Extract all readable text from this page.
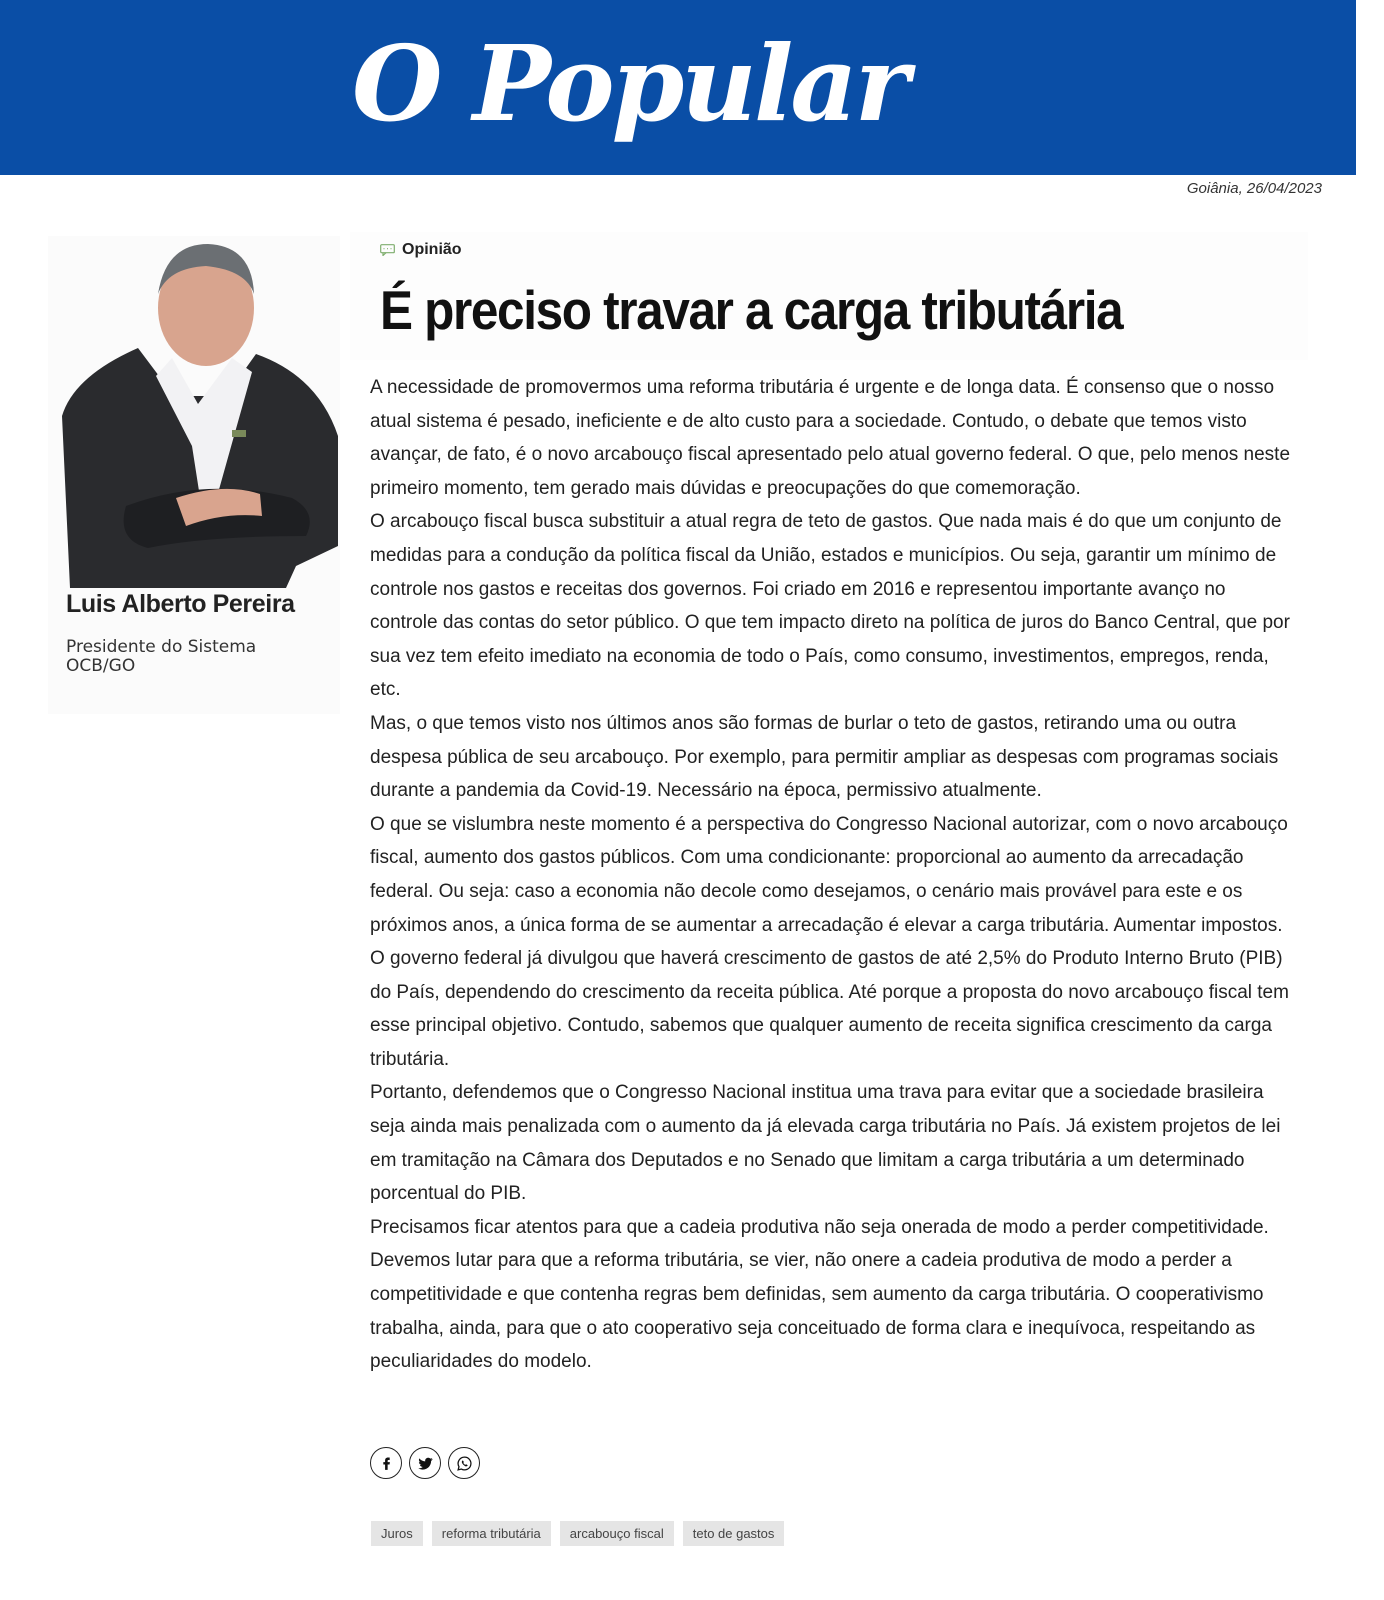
O Popular
Goiânia, 26/04/2023
Luis Alberto Pereira
Presidente do Sistema OCB/GO
Opinião
É preciso travar a carga tributária

A necessidade de promovermos uma reforma tributária é urgente e de longa data. É consenso que o nosso atual sistema é pesado, ineficiente e de alto custo para a sociedade. Contudo, o debate que temos visto avançar, de fato, é o novo arcabouço fiscal apresentado pelo atual governo federal. O que, pelo menos neste primeiro momento, tem gerado mais dúvidas e preocupações do que comemoração.

O arcabouço fiscal busca substituir a atual regra de teto de gastos. Que nada mais é do que um conjunto de medidas para a condução da política fiscal da União, estados e municípios. Ou seja, garantir um mínimo de controle nos gastos e receitas dos governos. Foi criado em 2016 e representou importante avanço no controle das contas do setor público. O que tem impacto direto na política de juros do Banco Central, que por sua vez tem efeito imediato na economia de todo o País, como consumo, investimentos, empregos, renda, etc.

Mas, o que temos visto nos últimos anos são formas de burlar o teto de gastos, retirando uma ou outra despesa pública de seu arcabouço. Por exemplo, para permitir ampliar as despesas com programas sociais durante a pandemia da Covid-19. Necessário na época, permissivo atualmente.

O que se vislumbra neste momento é a perspectiva do Congresso Nacional autorizar, com o novo arcabouço fiscal, aumento dos gastos públicos. Com uma condicionante: proporcional ao aumento da arrecadação federal. Ou seja: caso a economia não decole como desejamos, o cenário mais provável para este e os próximos anos, a única forma de se aumentar a arrecadação é elevar a carga tributária. Aumentar impostos.

O governo federal já divulgou que haverá crescimento de gastos de até 2,5% do Produto Interno Bruto (PIB) do País, dependendo do crescimento da receita pública. Até porque a proposta do novo arcabouço fiscal tem esse principal objetivo. Contudo, sabemos que qualquer aumento de receita significa crescimento da carga tributária.

Portanto, defendemos que o Congresso Nacional institua uma trava para evitar que a sociedade brasileira seja ainda mais penalizada com o aumento da já elevada carga tributária no País. Já existem projetos de lei em tramitação na Câmara dos Deputados e no Senado que limitam a carga tributária a um determinado porcentual do PIB.

Precisamos ficar atentos para que a cadeia produtiva não seja onerada de modo a perder competitividade. Devemos lutar para que a reforma tributária, se vier, não onere a cadeia produtiva de modo a perder a competitividade e que contenha regras bem definidas, sem aumento da carga tributária. O cooperativismo trabalha, ainda, para que o ato cooperativo seja conceituado de forma clara e inequívoca, respeitando as peculiaridades do modelo.

Juros	reforma tributária	arcabouço fiscal	teto de gastos
